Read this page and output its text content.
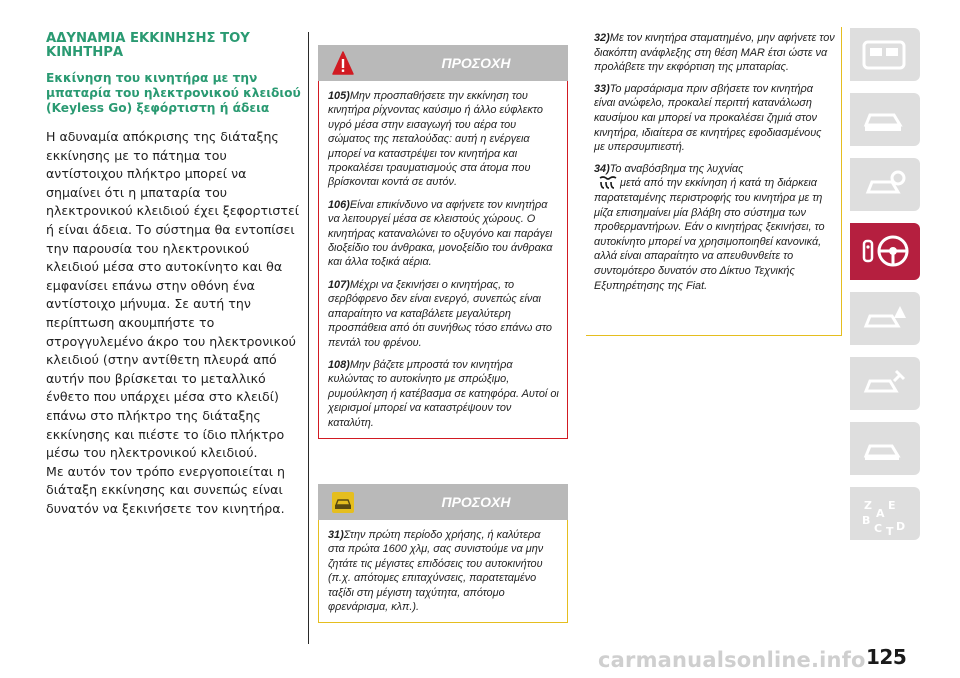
ΑΔΥΝΑΜΙΑ ΕΚΚΙΝΗΣΗΣ ΤΟΥ ΚΙΝΗΤΗΡΑ
Εκκίνηση του κινητήρα με την μπαταρία του ηλεκτρονικού κλειδιού (Keyless Go) ξεφόρτιστη ή άδεια
Η αδυναμία απόκρισης της διάταξης εκκίνησης με το πάτημα του αντίστοιχου πλήκτρο μπορεί να σημαίνει ότι η μπαταρία του ηλεκτρονικού κλειδιού έχει ξεφορτιστεί ή είναι άδεια. Το σύστημα θα εντοπίσει την παρουσία του ηλεκτρονικού κλειδιού μέσα στο αυτοκίνητο και θα εμφανίσει επάνω στην οθόνη ένα αντίστοιχο μήνυμα. Σε αυτή την περίπτωση ακουμπήστε το στρογγυλεμένο άκρο του ηλεκτρονικού κλειδιού (στην αντίθετη πλευρά από αυτήν που βρίσκεται το μεταλλικό ένθετο που υπάρχει μέσα στο κλειδί) επάνω στο πλήκτρο της διάταξης εκκίνησης και πιέστε το ίδιο πλήκτρο μέσω του ηλεκτρονικού κλειδιού.
Με αυτόν τον τρόπο ενεργοποιείται η διάταξη εκκίνησης και συνεπώς είναι δυνατόν να ξεκινήσετε τον κινητήρα.
ΠΡΟΣΟΧΗ

105)Μην προσπαθήσετε την εκκίνηση του κινητήρα ρίχνοντας καύσιμο ή άλλο εύφλεκτο υγρό μέσα στην εισαγωγή του αέρα του σώματος της πεταλούδας: αυτή η ενέργεια μπορεί να καταστρέψει τον κινητήρα και προκαλέσει τραυματισμούς στα άτομα που βρίσκονται κοντά σε αυτόν.

106)Είναι επικίνδυνο να αφήνετε τον κινητήρα να λειτουργεί μέσα σε κλειστούς χώρους. Ο κινητήρας καταναλώνει το οξυγόνο και παράγει διοξείδιο του άνθρακα, μονοξείδιο του άνθρακα και άλλα τοξικά αέρια.

107)Μέχρι να ξεκινήσει ο κινητήρας, το σερβόφρενο δεν είναι ενεργό, συνεπώς είναι απαραίτητο να καταβάλετε μεγαλύτερη προσπάθεια από ότι συνήθως τόσο επάνω στο πεντάλ του φρένου.

108)Μην βάζετε μπροστά τον κινητήρα κυλώντας το αυτοκίνητο με σπρώξιμο, ρυμούλκηση ή κατέβασμα σε κατηφόρα. Αυτοί οι χειρισμοί μπορεί να καταστρέψουν τον καταλύτη.

ΠΡΟΣΟΧΗ

31)Στην πρώτη περίοδο χρήσης, ή καλύτερα στα πρώτα 1600 χλμ, σας συνιστούμε να μην ζητάτε τις μέγιστες επιδόσεις του αυτοκινήτου (π.χ. απότομες επιταχύνσεις, παρατεταμένο ταξίδι στη μέγιστη ταχύτητα, απότομο φρενάρισμα, κλπ.).

32)Με τον κινητήρα σταματημένο, μην αφήνετε τον διακόπτη ανάφλεξης στη θέση MAR έτσι ώστε να προλάβετε την εκφόρτιση της μπαταρίας.

33)Το μαρσάρισμα πριν σβήσετε τον κινητήρα είναι ανώφελο, προκαλεί περιττή κατανάλωση καυσίμου και μπορεί να προκαλέσει ζημιά στον κινητήρα, ιδιαίτερα σε κινητήρες εφοδιασμένους με υπερσυμπιεστή.

34)Το αναβόσβημα της λυχνίας
μετά από την εκκίνηση ή κατά τη διάρκεια παρατεταμένης περιστροφής του κινητήρα με τη μίζα επισημαίνει μία βλάβη στο σύστημα των προθερμαντήρων. Εάν ο κινητήρας ξεκινήσει, το αυτοκίνητο μπορεί να χρησιμοποιηθεί κανονικά, αλλά είναι απαραίτητο να απευθυνθείτε το συντομότερο δυνατόν στο Δίκτυο Τεχνικής Εξυπηρέτησης της Fiat.

Z E
A
B
C D
T
carmanualsonline.info 125
